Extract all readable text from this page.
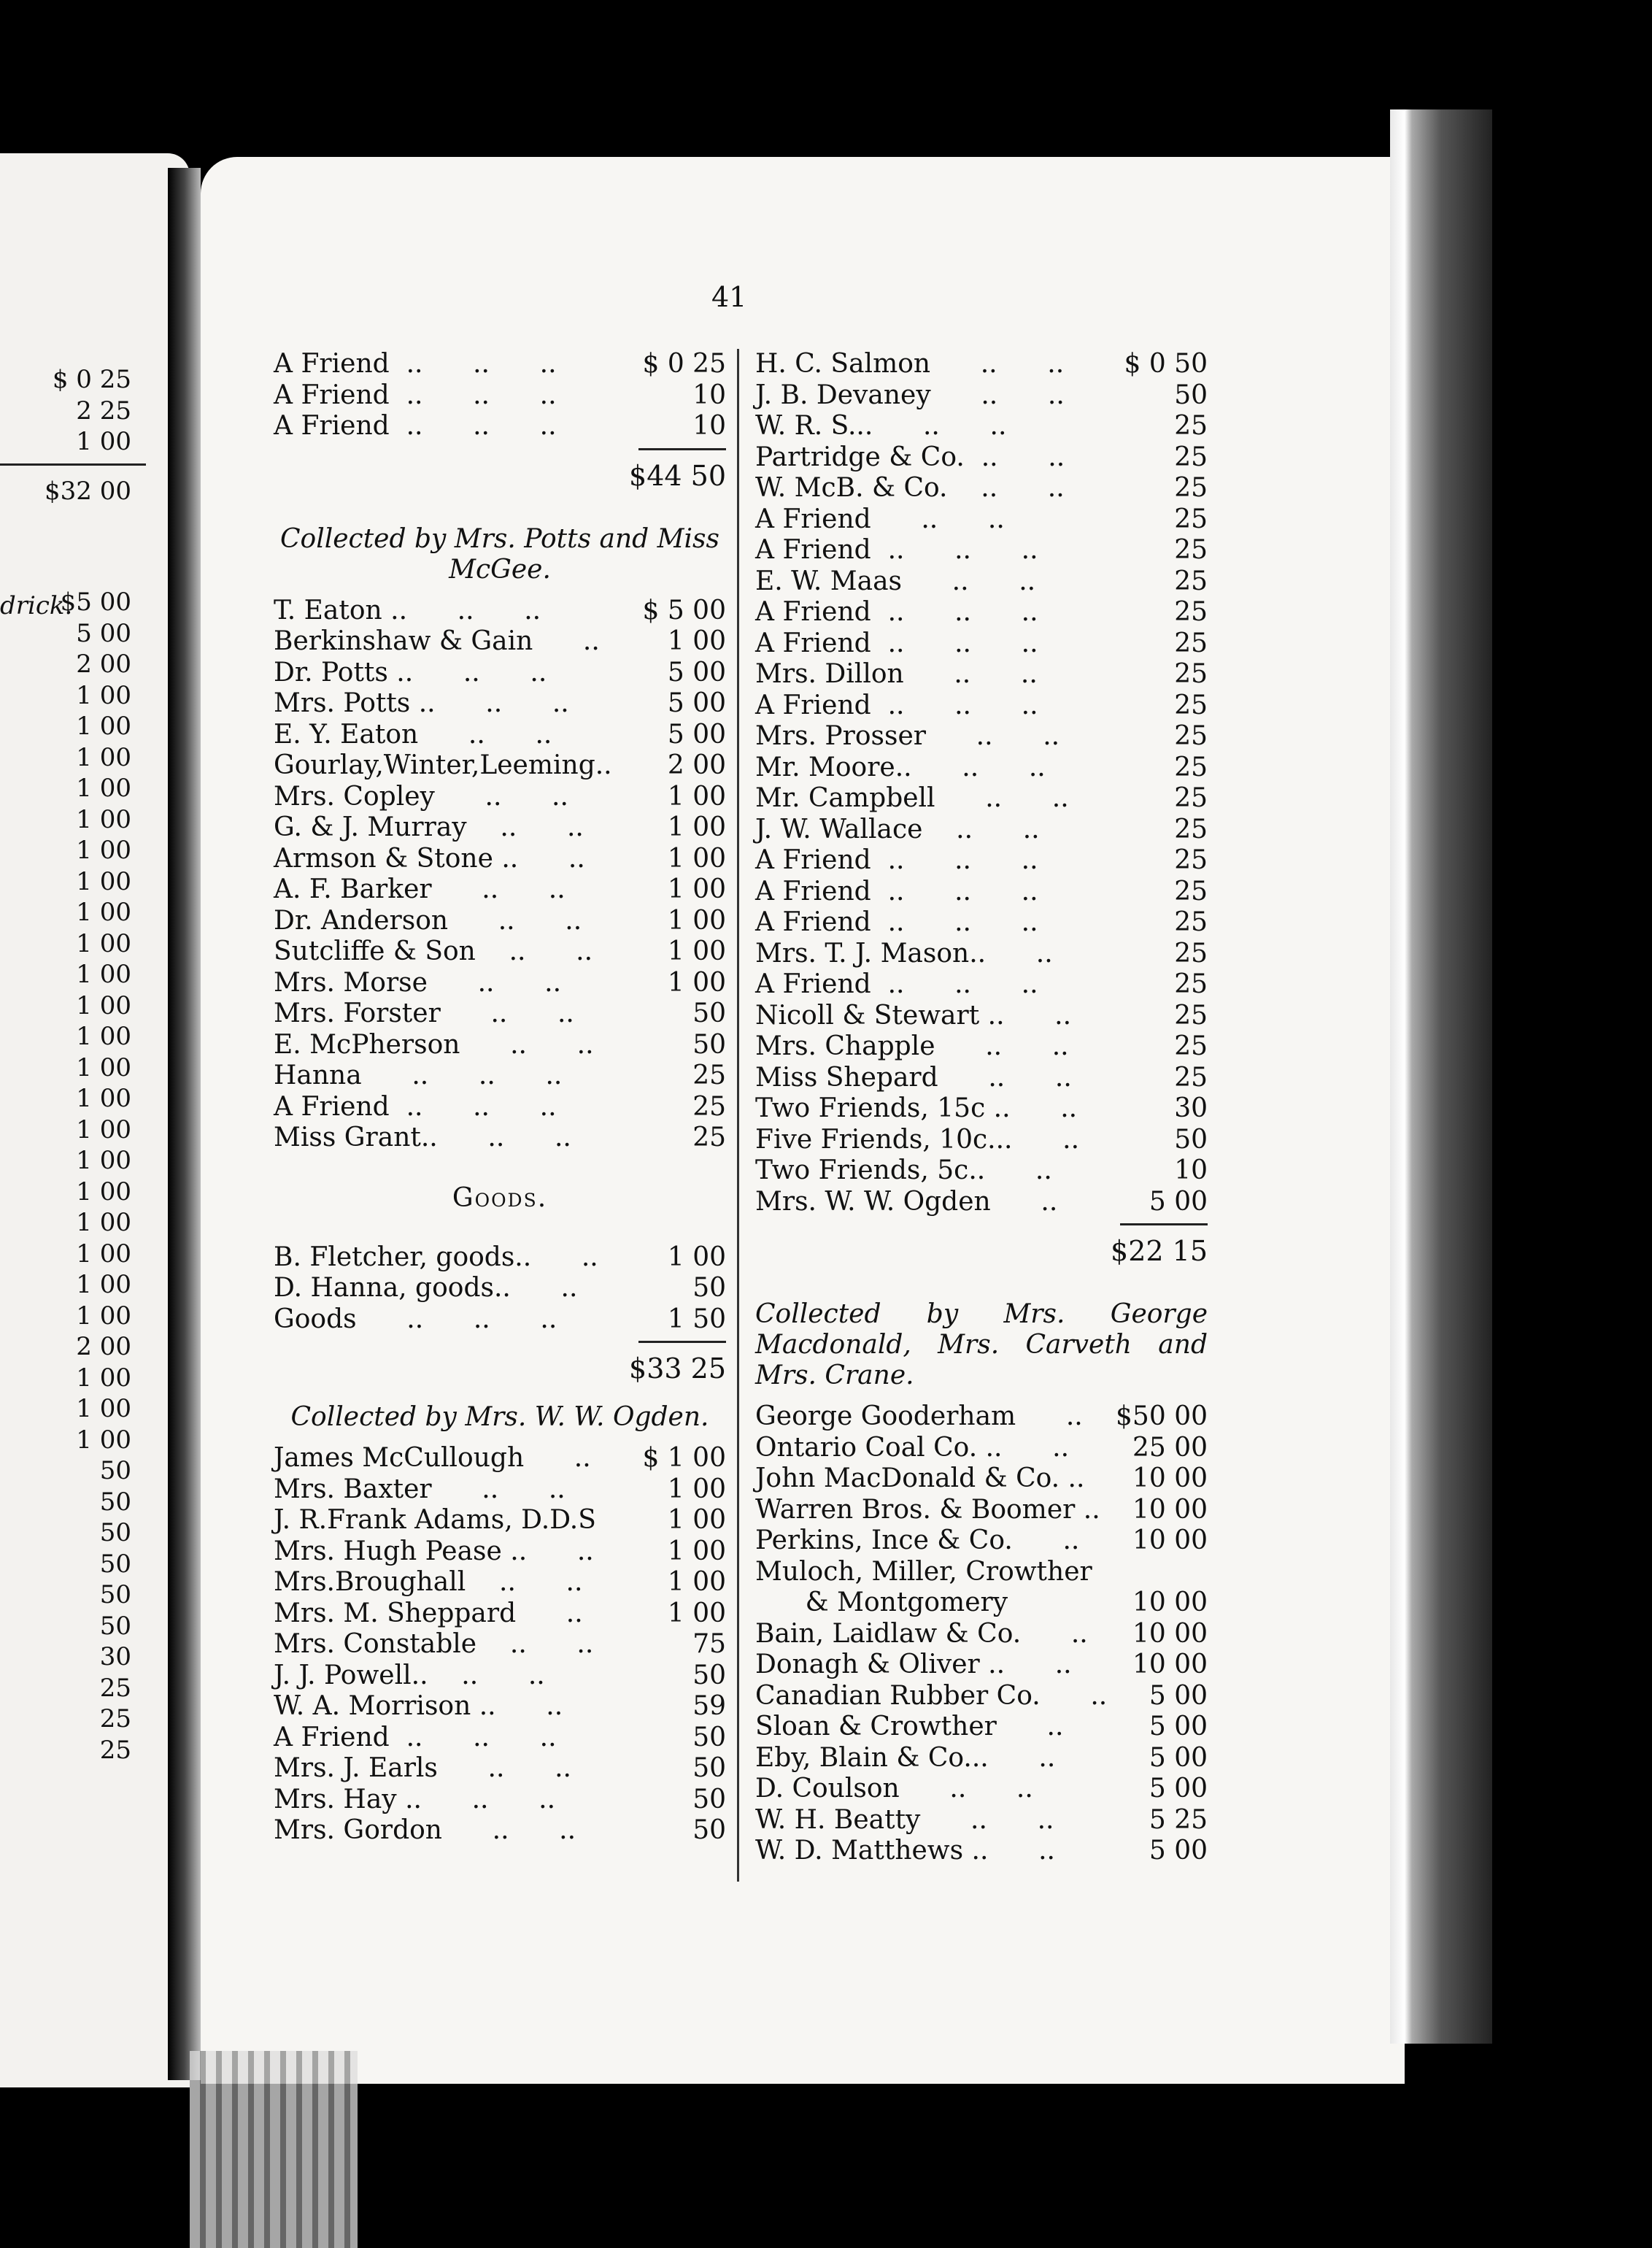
drick.
$ 0 25
2 25
1 00
$32 00
$5 00
5 00
2 00
1 00
1 00
1 00
1 00
1 00
1 00
1 00
1 00
1 00
1 00
1 00
1 00
1 00
1 00
1 00
1 00
1 00
1 00
1 00
1 00
1 00
2 00
1 00
1 00
1 00
50
50
50
50
50
50
30
25
25
25
41
A Friend  ..      ..      ..	$ 0 25
A Friend  ..      ..      ..	10
A Friend  ..      ..      ..	10
$44 50
Collected by Mrs. Potts and Miss McGee.
T. Eaton ..      ..      ..	$ 5 00
Berkinshaw & Gain      ..	1 00
Dr. Potts ..      ..      ..	5 00
Mrs. Potts ..      ..      ..	5 00
E. Y. Eaton      ..      ..	5 00
Gourlay,Winter,Leeming.. 2 00
Mrs. Copley      ..      ..	1 00
G. & J. Murray    ..      ..	1 00
Armson & Stone ..      ..	1 00
A. F. Barker      ..      ..	1 00
Dr. Anderson      ..      ..	1 00
Sutcliffe & Son    ..      ..	1 00
Mrs. Morse      ..      ..	1 00
Mrs. Forster      ..      ..	50
E. McPherson      ..      ..	50
Hanna      ..      ..      ..	25
A Friend  ..      ..      ..	25
Miss Grant..      ..      ..	25
Goods.
B. Fletcher, goods..      ..	1 00
D. Hanna, goods..      ..	50
Goods      ..      ..      ..	1 50
$33 25
Collected by Mrs. W. W. Ogden.
James McCullough      .. $ 1 00
Mrs. Baxter      ..      ..	1 00
J. R.Frank Adams, D.D.S	1 00
Mrs. Hugh Pease ..      ..	1 00
Mrs.Broughall    ..      ..	1 00
Mrs. M. Sheppard      ..	1 00
Mrs. Constable    ..      ..	75
J. J. Powell..    ..      ..	50
W. A. Morrison ..      ..	59
A Friend  ..      ..      ..	50
Mrs. J. Earls      ..      ..	50
Mrs. Hay ..      ..      ..	50
Mrs. Gordon      ..      ..	50
H. C. Salmon      ..      .. $ 0 50
J. B. Devaney      ..      ..	50
W. R. S...      ..      ..	25
Partridge & Co.  ..      ..	25
W. McB. & Co.    ..      ..	25
A Friend      ..      ..	25
A Friend  ..      ..      ..	25
E. W. Maas      ..      ..	25
A Friend  ..      ..      ..	25
A Friend  ..      ..      ..	25
Mrs. Dillon      ..      ..	25
A Friend  ..      ..      ..	25
Mrs. Prosser      ..      ..	25
Mr. Moore..      ..      ..	25
Mr. Campbell      ..      ..	25
J. W. Wallace    ..      ..	25
A Friend  ..      ..      ..	25
A Friend  ..      ..      ..	25
A Friend  ..      ..      ..	25
Mrs. T. J. Mason..      ..	25
A Friend  ..      ..      ..	25
Nicoll & Stewart ..      ..	25
Mrs. Chapple      ..      ..	25
Miss Shepard      ..      ..	25
Two Friends, 15c ..      ..	30
Five Friends, 10c...      ..	50
Two Friends, 5c..      ..	10
Mrs. W. W. Ogden      ..	5 00
$22 15
Collected by Mrs. George Macdonald, Mrs. Carveth and Mrs. Crane.
George Gooderham      .. $50 00
Ontario Coal Co. ..      .. 25 00
John MacDonald & Co. .. 10 00
Warren Bros. & Boomer .. 10 00
Perkins, Ince & Co.      .. 10 00
Muloch, Miller, Crowther
& Montgomery	10 00
Bain, Laidlaw & Co.      .. 10 00
Donagh & Oliver ..      .. 10 00
Canadian Rubber Co.      .. 5 00
Sloan & Crowther      ..	5 00
Eby, Blain & Co...      ..	5 00
D. Coulson      ..      ..	5 00
W. H. Beatty      ..      ..	5 25
W. D. Matthews ..      ..	5 00
